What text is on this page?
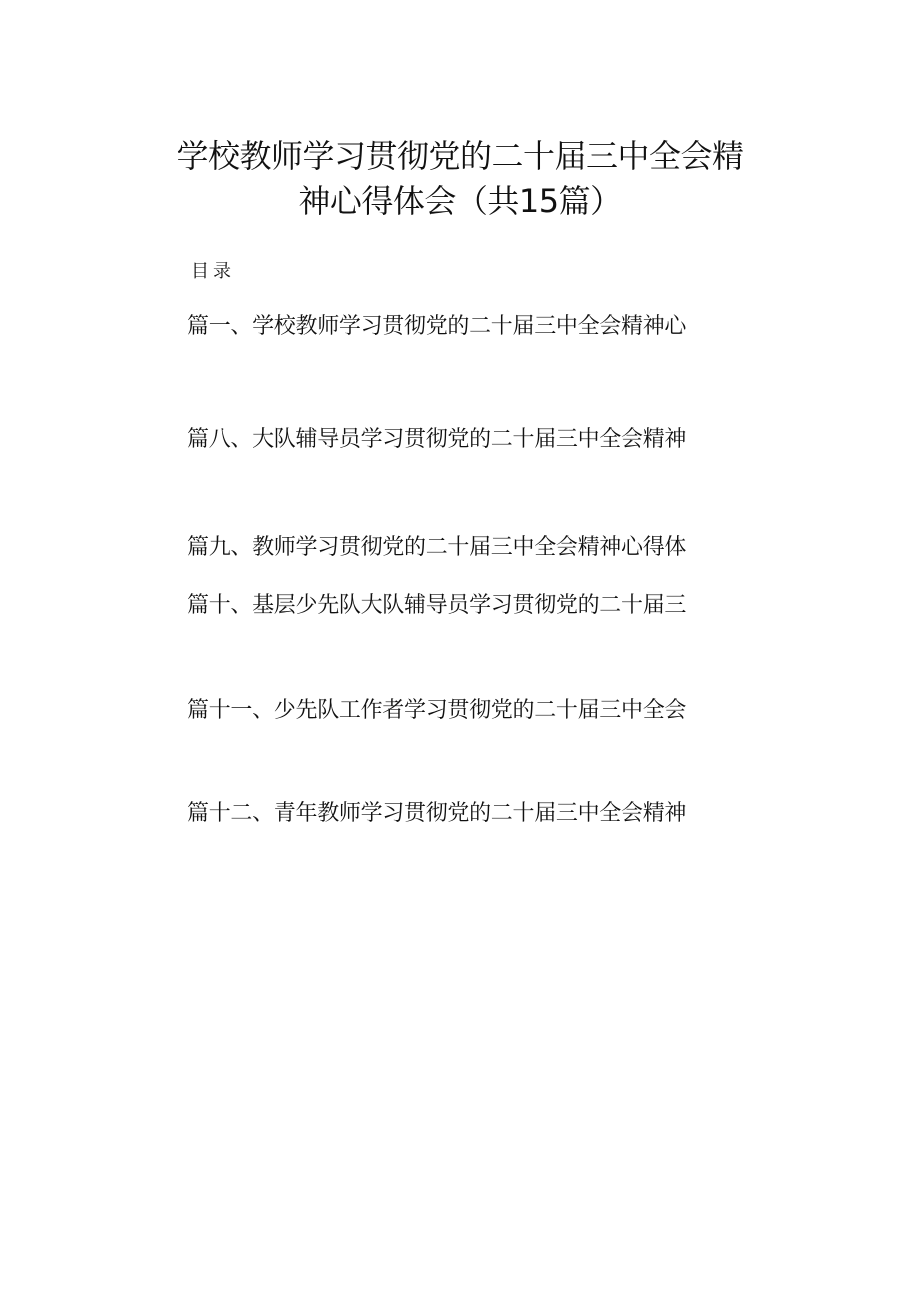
学校教师学习贯彻党的二十届三中全会精
神心得体会（共15篇）
目录
篇一、学校教师学习贯彻党的二十届三中全会精神心
篇八、大队辅导员学习贯彻党的二十届三中全会精神
篇九、教师学习贯彻党的二十届三中全会精神心得体
篇十、基层少先队大队辅导员学习贯彻党的二十届三
篇十一、少先队工作者学习贯彻党的二十届三中全会
篇十二、青年教师学习贯彻党的二十届三中全会精神
